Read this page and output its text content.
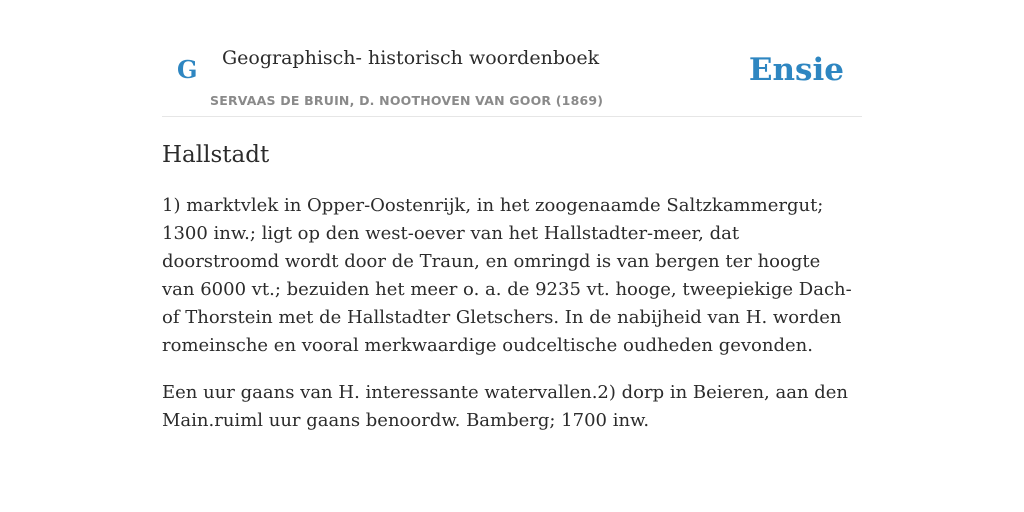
G Geographisch- historisch woordenboek
SERVAAS DE BRUIN, D. NOOTHOVEN VAN GOOR (1869)
Ensie
Hallstadt

1) marktvlek in Opper-Oostenrijk, in het zoogenaamde Saltzkammergut; 1300 inw.; ligt op den west-oever van het Hallstadter-meer, dat doorstroomd wordt door de Traun, en omringd is van bergen ter hoogte van 6000 vt.; bezuiden het meer o. a. de 9235 vt. hooge, tweepiekige Dach-of Thorstein met de Hallstadter Gletschers. In de nabijheid van H. worden romeinsche en vooral merkwaardige oudceltische oudheden gevonden.

Een uur gaans van H. interessante watervallen.2) dorp in Beieren, aan den Main.ruiml uur gaans benoordw. Bamberg; 1700 inw.
